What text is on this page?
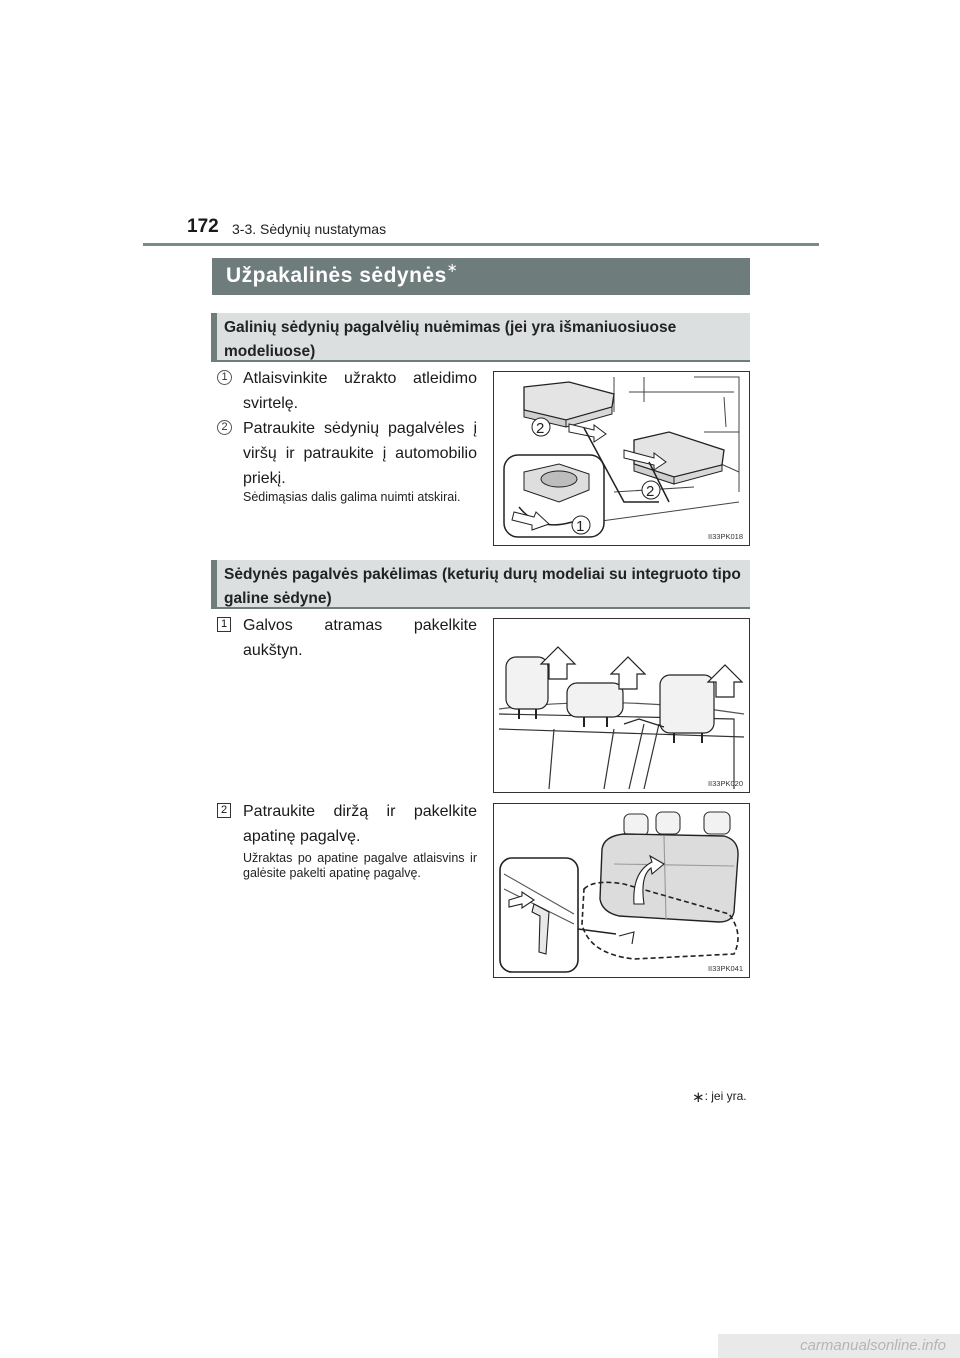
172 3-3. Sėdynių nustatymas
Užpakalinės sėdynės∗
Galinių sėdynių pagalvėlių nuėmimas (jei yra išmaniuosiuose modeliuose)
1 Atlaisvinkite užrakto atleidimo svirtelę.
2 Patraukite sėdynių pagalvėles į viršų ir patraukite į automobilio priekį.
Sėdimąsias dalis galima nuimti atskirai.
2
2
1
II33PK018
Sėdynės pagalvės pakėlimas (keturių durų modeliai su integruoto tipo galine sėdyne)
1 Galvos atramas pakelkite aukštyn.
II33PK020
2 Patraukite diržą ir pakelkite apatinę pagalvę.
Užraktas po apatine pagalve atlaisvins ir galėsite pakelti apatinę pagalvę.
II33PK041
∗: jei yra.
carmanualsonline.info
